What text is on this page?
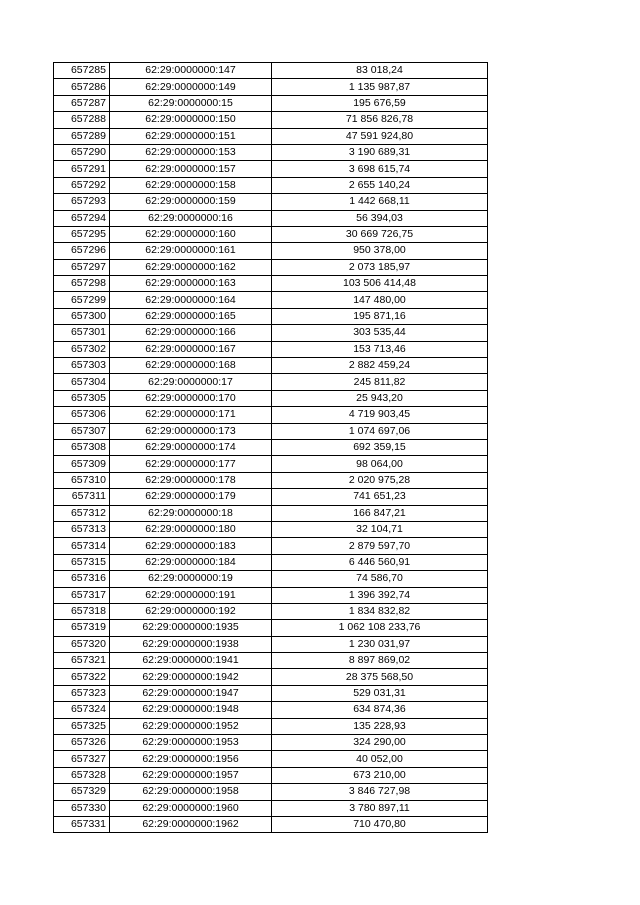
657285	62:29:0000000:147	83 018,24
657286	62:29:0000000:149	1 135 987,87
657287	62:29:0000000:15	195 676,59
657288	62:29:0000000:150	71 856 826,78
657289	62:29:0000000:151	47 591 924,80
657290	62:29:0000000:153	3 190 689,31
657291	62:29:0000000:157	3 698 615,74
657292	62:29:0000000:158	2 655 140,24
657293	62:29:0000000:159	1 442 668,11
657294	62:29:0000000:16	56 394,03
657295	62:29:0000000:160	30 669 726,75
657296	62:29:0000000:161	950 378,00
657297	62:29:0000000:162	2 073 185,97
657298	62:29:0000000:163	103 506 414,48
657299	62:29:0000000:164	147 480,00
657300	62:29:0000000:165	195 871,16
657301	62:29:0000000:166	303 535,44
657302	62:29:0000000:167	153 713,46
657303	62:29:0000000:168	2 882 459,24
657304	62:29:0000000:17	245 811,82
657305	62:29:0000000:170	25 943,20
657306	62:29:0000000:171	4 719 903,45
657307	62:29:0000000:173	1 074 697,06
657308	62:29:0000000:174	692 359,15
657309	62:29:0000000:177	98 064,00
657310	62:29:0000000:178	2 020 975,28
657311	62:29:0000000:179	741 651,23
657312	62:29:0000000:18	166 847,21
657313	62:29:0000000:180	32 104,71
657314	62:29:0000000:183	2 879 597,70
657315	62:29:0000000:184	6 446 560,91
657316	62:29:0000000:19	74 586,70
657317	62:29:0000000:191	1 396 392,74
657318	62:29:0000000:192	1 834 832,82
657319	62:29:0000000:1935	1 062 108 233,76
657320	62:29:0000000:1938	1 230 031,97
657321	62:29:0000000:1941	8 897 869,02
657322	62:29:0000000:1942	28 375 568,50
657323	62:29:0000000:1947	529 031,31
657324	62:29:0000000:1948	634 874,36
657325	62:29:0000000:1952	135 228,93
657326	62:29:0000000:1953	324 290,00
657327	62:29:0000000:1956	40 052,00
657328	62:29:0000000:1957	673 210,00
657329	62:29:0000000:1958	3 846 727,98
657330	62:29:0000000:1960	3 780 897,11
657331	62:29:0000000:1962	710 470,80
